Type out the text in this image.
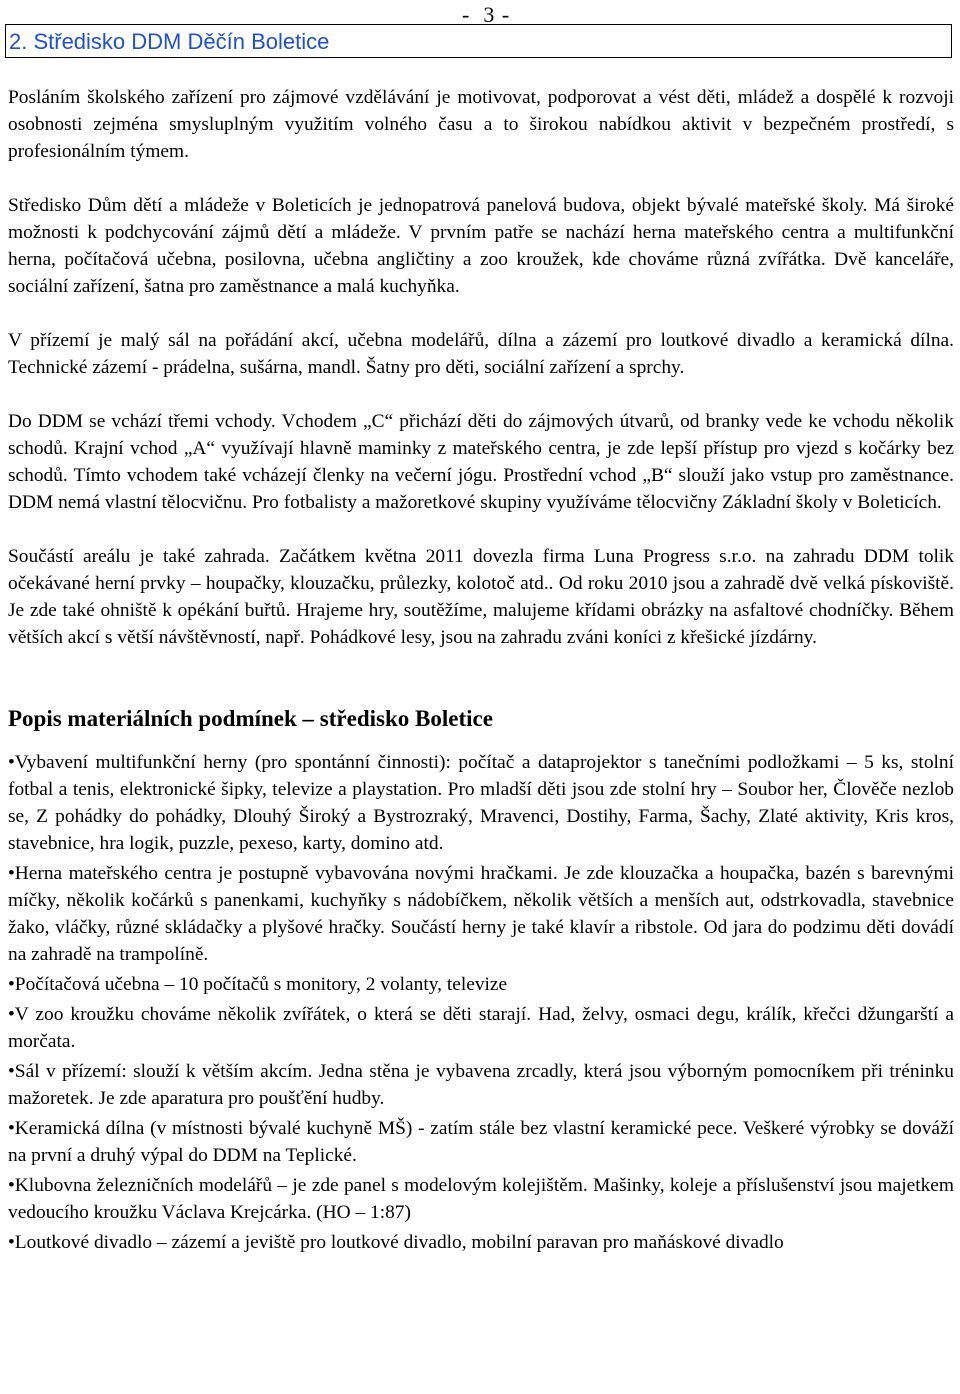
-  3 -
2. Středisko DDM Děčín Boletice

Posláním školského zařízení pro zájmové vzdělávání je motivovat, podporovat a vést děti, mládež a dospělé k rozvoji osobnosti zejména smysluplným využitím volného času a to širokou nabídkou aktivit v bezpečném prostředí, s profesionálním týmem.

Středisko Dům dětí a mládeže v Boleticích je jednopatrová panelová budova, objekt bývalé mateřské školy. Má široké možnosti k podchycování zájmů dětí a mládeže. V prvním patře se nachází herna mateřského centra a multifunkční herna, počítačová učebna, posilovna, učebna angličtiny a zoo kroužek, kde chováme různá zvířátka. Dvě kanceláře, sociální zařízení, šatna pro zaměstnance a malá kuchyňka.

V přízemí je malý sál na pořádání akcí, učebna modelářů, dílna a zázemí pro loutkové divadlo a keramická dílna. Technické zázemí - prádelna, sušárna, mandl. Šatny pro děti, sociální zařízení a sprchy.

Do DDM se vchází třemi vchody. Vchodem „C“ přichází děti do zájmových útvarů, od branky vede ke vchodu několik schodů. Krajní vchod „A“ využívají hlavně maminky z mateřského centra, je zde lepší přístup pro vjezd s kočárky bez schodů. Tímto vchodem také vcházejí členky na večerní jógu. Prostřední vchod „B“ slouží jako vstup pro zaměstnance. DDM nemá vlastní tělocvičnu. Pro fotbalisty a mažoretkové skupiny využíváme tělocvičny Základní školy v Boleticích.

Součástí areálu je také zahrada. Začátkem května 2011 dovezla firma Luna Progress s.r.o. na zahradu DDM tolik očekávané herní prvky – houpačky, klouzačku, průlezky, kolotoč atd.. Od roku 2010 jsou a zahradě dvě velká pískoviště. Je zde také ohniště k opékání buřtů. Hrajeme hry, soutěžíme, malujeme křídami obrázky na asfaltové chodníčky. Během větších akcí s větší návštěvností, např. Pohádkové lesy, jsou na zahradu zváni koníci z křešické jízdárny.

Popis materiálních podmínek – středisko Boletice
•Vybavení multifunkční herny (pro spontánní činnosti): počítač a dataprojektor s tanečními podložkami – 5 ks, stolní fotbal a tenis, elektronické šipky, televize a playstation. Pro mladší děti jsou zde stolní hry – Soubor her, Člověče nezlob se, Z pohádky do pohádky, Dlouhý Široký a Bystrozraký, Mravenci, Dostihy, Farma, Šachy, Zlaté aktivity, Kris kros, stavebnice, hra logik, puzzle, pexeso, karty, domino atd.
•Herna mateřského centra je postupně vybavována novými hračkami. Je zde klouzačka a houpačka, bazén s barevnými míčky, několik kočárků s panenkami, kuchyňky s nádobíčkem, několik větších a menších aut, odstrkovadla, stavebnice žako, vláčky, různé skládačky a plyšové hračky. Součástí herny je také klavír a ribstole. Od jara do podzimu děti dovádí na zahradě na trampolíně.
•Počítačová učebna – 10 počítačů s monitory, 2 volanty, televize
•V zoo kroužku chováme několik zvířátek, o která se děti starají. Had, želvy, osmaci degu, králík, křečci džungarští a morčata.
•Sál v přízemí: slouží k větším akcím. Jedna stěna je vybavena zrcadly, která jsou výborným pomocníkem při tréninku mažoretek. Je zde aparatura pro poušťění hudby.
•Keramická dílna (v místnosti bývalé kuchyně MŠ) - zatím stále bez vlastní keramické pece. Veškeré výrobky se dováží na první a druhý výpal do DDM na Teplické.
•Klubovna železničních modelářů – je zde panel s modelovým kolejištěm. Mašinky, koleje a příslušenství jsou majetkem vedoucího kroužku Václava Krejcárka. (HO – 1:87)
•Loutkové divadlo – zázemí a jeviště pro loutkové divadlo, mobilní paravan pro maňáskové divadlo
